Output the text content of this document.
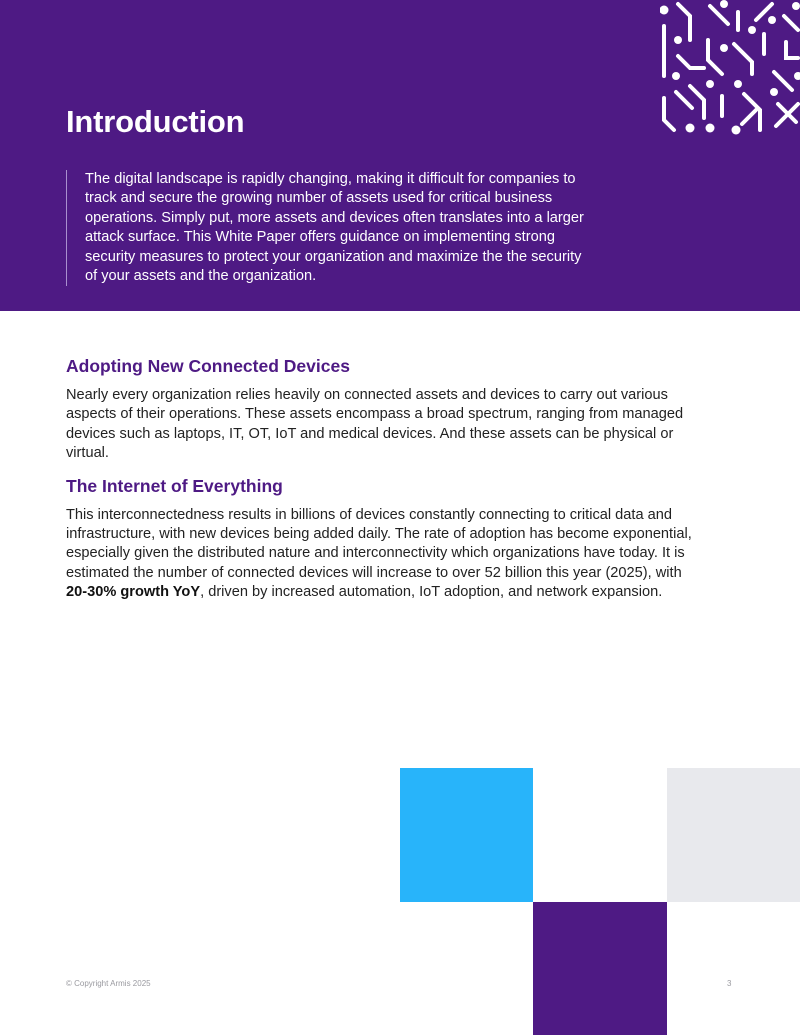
Introduction

The digital landscape is rapidly changing, making it difficult for companies to track and secure the growing number of assets used for critical business operations. Simply put, more assets and devices often translates into a larger attack surface. This White Paper offers guidance on implementing strong security measures to protect your organization and maximize the the security of your assets and the organization.

Adopting New Connected Devices

Nearly every organization relies heavily on connected assets and devices to carry out various aspects of their operations. These assets encompass a broad spectrum, ranging from managed devices such as laptops, IT, OT, IoT and medical devices. And these assets can be physical or virtual.

The Internet of Everything

This interconnectedness results in billions of devices constantly connecting to critical data and infrastructure, with new devices being added daily. The rate of adoption has become exponential, especially given the distributed nature and interconnectivity which organizations have today. It is estimated the number of connected devices will increase to over 52 billion this year (2025), with 20-30% growth YoY, driven by increased automation, IoT adoption, and network expansion.

© Copyright Armis 2025	3
